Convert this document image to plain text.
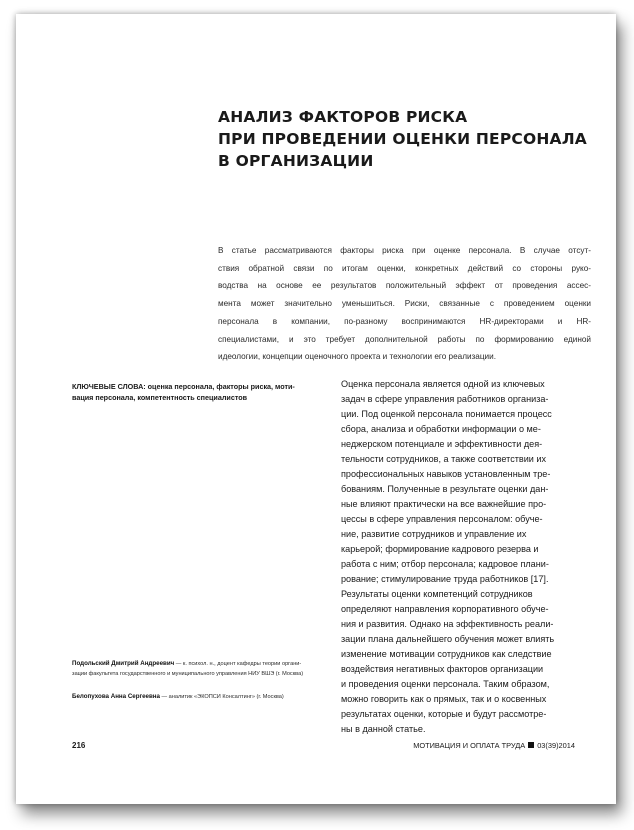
АНАЛИЗ ФАКТОРОВ РИСКА
ПРИ ПРОВЕДЕНИИ ОЦЕНКИ ПЕРСОНАЛА
В ОРГАНИЗАЦИИ
В статье рассматриваются факторы риска при оценке персонала. В случае отсут-
ствия обратной связи по итогам оценки, конкретных действий со стороны руко-
водства на основе ее результатов положительный эффект от проведения ассес-
мента может значительно уменьшиться. Риски, связанные с проведением оценки
персонала в компании, по-разному воспринимаются HR-директорами и HR-
специалистами, и это требует дополнительной работы по формированию единой
идеологии, концепции оценочного проекта и технологии его реализации.
КЛЮЧЕВЫЕ СЛОВА: оценка персонала, факторы риска, моти-
вация персонала, компетентность специалистов
Оценка персонала является одной из ключевых
задач в сфере управления работников организа-
ции. Под оценкой персонала понимается процесс
сбора, анализа и обработки информации о ме-
неджерском потенциале и эффективности дея-
тельности сотрудников, а также соответствии их
профессиональных навыков установленным тре-
бованиям. Полученные в результате оценки дан-
ные влияют практически на все важнейшие про-
цессы в сфере управления персоналом: обуче-
ние, развитие сотрудников и управление их
карьерой; формирование кадрового резерва и
работа с ним; отбор персонала; кадровое плани-
рование; стимулирование труда работников [17].
Результаты оценки компетенций сотрудников
определяют направления корпоративного обуче-
ния и развития. Однако на эффективность реали-
зации плана дальнейшего обучения может влиять
изменение мотивации сотрудников как следствие
воздействия негативных факторов организации
и проведения оценки персонала. Таким образом,
можно говорить как о прямых, так и о косвенных
результатах оценки, которые и будут рассмотре-
ны в данной статье.
Подольский Дмитрий Андреевич — к. психол. н., доцент кафедры теории органи-
зации факультета государственного и муниципального управления НИУ ВШЭ (г. Москва)
Белопухова Анна Сергеевна — аналитик «ЭКОПСИ Консалтинг» (г. Москва)
216	МОТИВАЦИЯ И ОПЛАТА ТРУДА 03(39)2014
